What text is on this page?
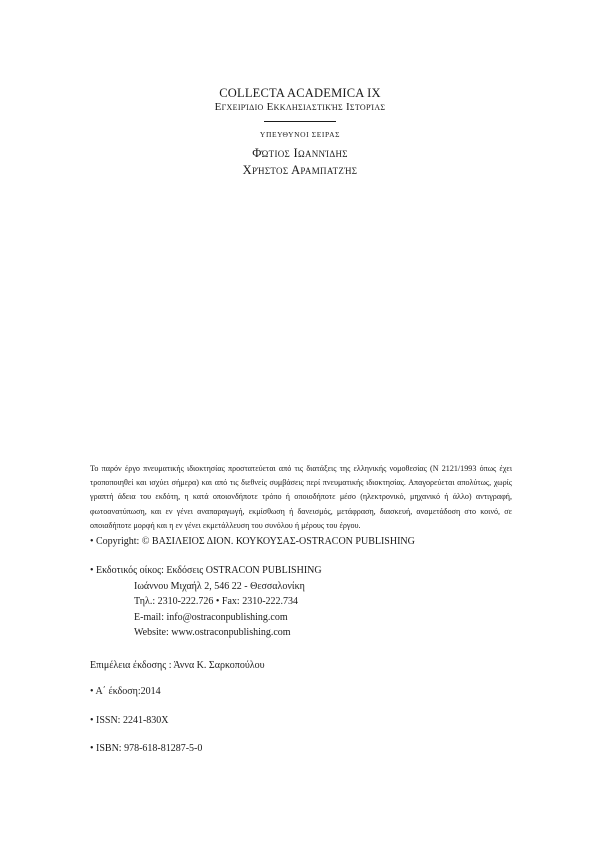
COLLECTA ACADEMICA IX
Εγχειρίδιο Εκκλησιαστικής Ιστορίας
ΥΠΕΥΘΥΝΟΙ ΣΕΙΡΑΣ
Φώτιος Ιωαννίδης
Χρήστος Αραμπατζής
Το παρόν έργο πνευματικής ιδιοκτησίας προστατεύεται από τις διατάξεις της ελληνικής νομοθεσίας (Ν 2121/1993 όπως έχει τροποποιηθεί και ισχύει σήμερα) και από τις διεθνείς συμβάσεις περί πνευματικής ιδιοκτησίας. Απαγορεύεται απολύτως, χωρίς γραπτή άδεια του εκδότη, η κατά οποιονδήποτε τρόπο ή οποιοδήποτε μέσο (ηλεκτρονικό, μηχανικό ή άλλο) αντιγραφή, φωτοανατύπωση, και εν γένει αναπαραγωγή, εκμίσθωση ή δανεισμός, μετάφραση, διασκευή, αναμετάδοση στο κοινό, σε οποιαδήποτε μορφή και η εν γένει εκμετάλλευση του συνόλου ή μέρους του έργου.
• Copyright: © ΒΑΣΙΛΕΙΟΣ ΔΙΟΝ. ΚΟΥΚΟΥΣΑΣ-OSTRACON PUBLISHING
• Εκδοτικός οίκος: Εκδόσεις OSTRACON PUBLISHING
Ιωάννου Μιχαήλ 2, 546 22 - Θεσσαλονίκη
Τηλ.: 2310-222.726 • Fax: 2310-222.734
E-mail: info@ostraconpublishing.com
Website: www.ostraconpublishing.com
Επιμέλεια έκδοσης : Άννα Κ. Σαρκοπούλου
• Α΄ έκδοση:2014
• ISSN: 2241-830X
• ISBN: 978-618-81287-5-0
